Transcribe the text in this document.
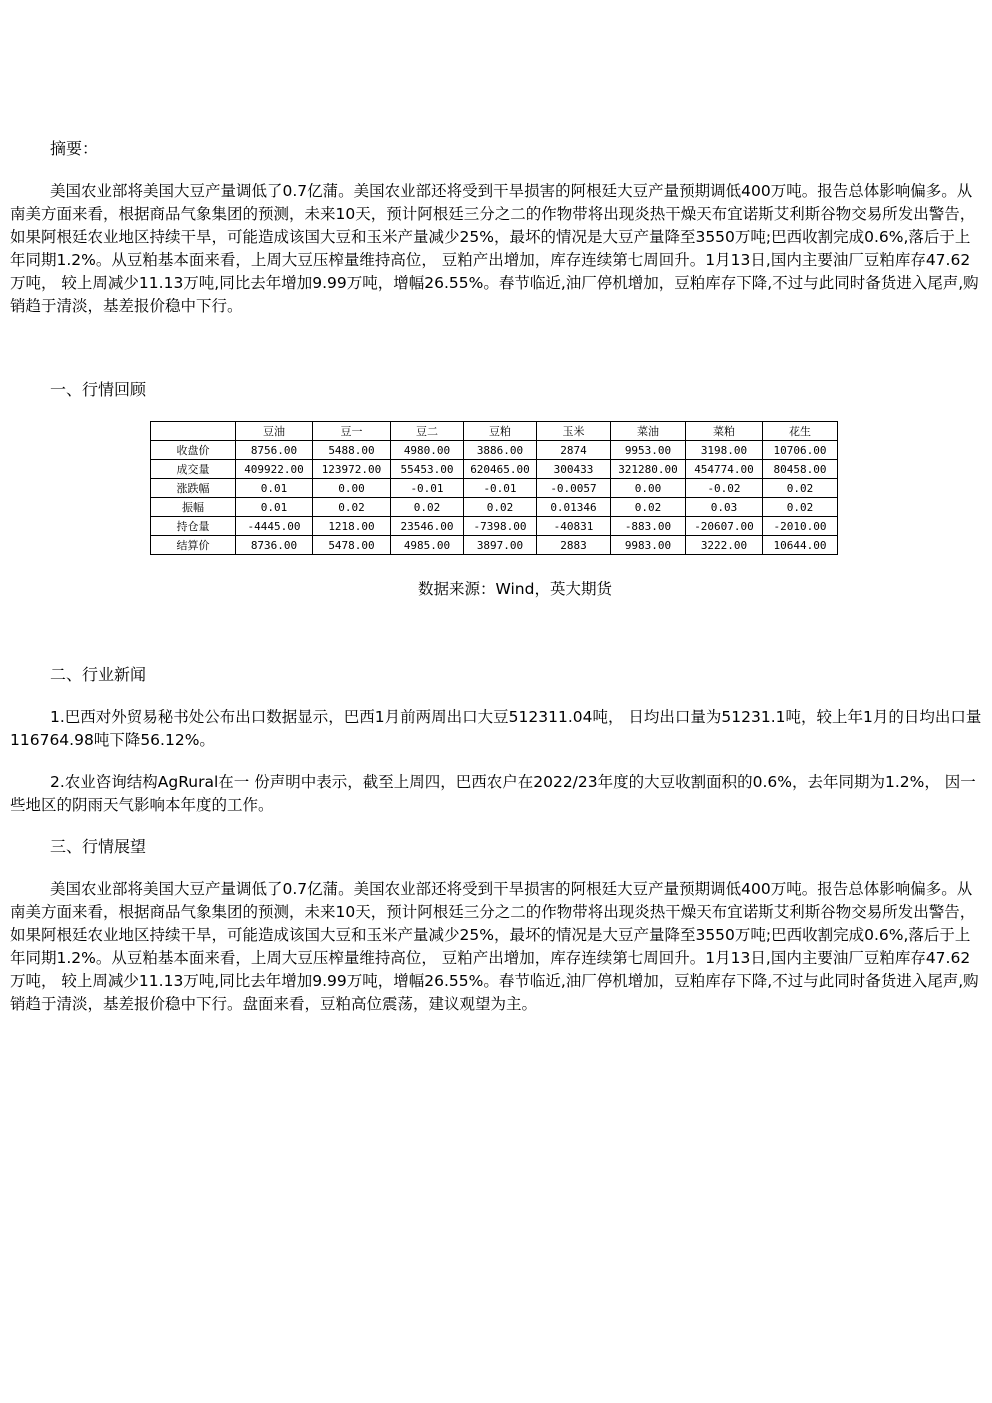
摘要：
美国农业部将美国大豆产量调低了0.7亿蒲。美国农业部还将受到干旱损害的阿根廷大豆产量预期调低400万吨。报告总体影响偏多。从南美方面来看，根据商品气象集团的预测，未来10天，预计阿根廷三分之二的作物带将出现炎热干燥天布宜诺斯艾利斯谷物交易所发出警告，如果阿根廷农业地区持续干旱，可能造成该国大豆和玉米产量减少25%，最坏的情况是大豆产量降至3550万吨;巴西收割完成0.6%,落后于上年同期1.2%。从豆粕基本面来看，上周大豆压榨量维持高位， 豆粕产出增加，库存连续第七周回升。1月13日,国内主要油厂豆粕库存47.62万吨， 较上周减少11.13万吨,同比去年增加9.99万吨，增幅26.55%。春节临近,油厂停机增加，豆粕库存下降,不过与此同时备货进入尾声,购销趋于清淡，基差报价稳中下行。
一、行情回顾
	豆油	豆一	豆二	豆粕	玉米	菜油	菜粕	花生
收盘价	8756.00	5488.00	4980.00	3886.00	2874	9953.00	3198.00	10706.00
成交量	409922.00	123972.00	55453.00	620465.00	300433	321280.00	454774.00	80458.00
涨跌幅	0.01	0.00	-0.01	-0.01	-0.0057	0.00	-0.02	0.02
振幅	0.01	0.02	0.02	0.02	0.01346	0.02	0.03	0.02
持仓量	-4445.00	1218.00	23546.00	-7398.00	-40831	-883.00	-20607.00	-2010.00
结算价	8736.00	5478.00	4985.00	3897.00	2883	9983.00	3222.00	10644.00
数据来源：Wind，英大期货
二、行业新闻
1.巴西对外贸易秘书处公布出口数据显示，巴西1月前两周出口大豆512311.04吨， 日均出口量为51231.1吨，较上年1月的日均出口量116764.98吨下降56.12%。
2.农业咨询结构AgRural在一 份声明中表示，截至上周四，巴西农户在2022/23年度的大豆收割面积的0.6%，去年同期为1.2%， 因一些地区的阴雨天气影响本年度的工作。
三、行情展望
美国农业部将美国大豆产量调低了0.7亿蒲。美国农业部还将受到干旱损害的阿根廷大豆产量预期调低400万吨。报告总体影响偏多。从南美方面来看，根据商品气象集团的预测，未来10天，预计阿根廷三分之二的作物带将出现炎热干燥天布宜诺斯艾利斯谷物交易所发出警告，如果阿根廷农业地区持续干旱，可能造成该国大豆和玉米产量减少25%，最坏的情况是大豆产量降至3550万吨;巴西收割完成0.6%,落后于上年同期1.2%。从豆粕基本面来看，上周大豆压榨量维持高位， 豆粕产出增加，库存连续第七周回升。1月13日,国内主要油厂豆粕库存47.62万吨， 较上周减少11.13万吨,同比去年增加9.99万吨，增幅26.55%。春节临近,油厂停机增加，豆粕库存下降,不过与此同时备货进入尾声,购销趋于清淡，基差报价稳中下行。盘面来看，豆粕高位震荡，建议观望为主。
